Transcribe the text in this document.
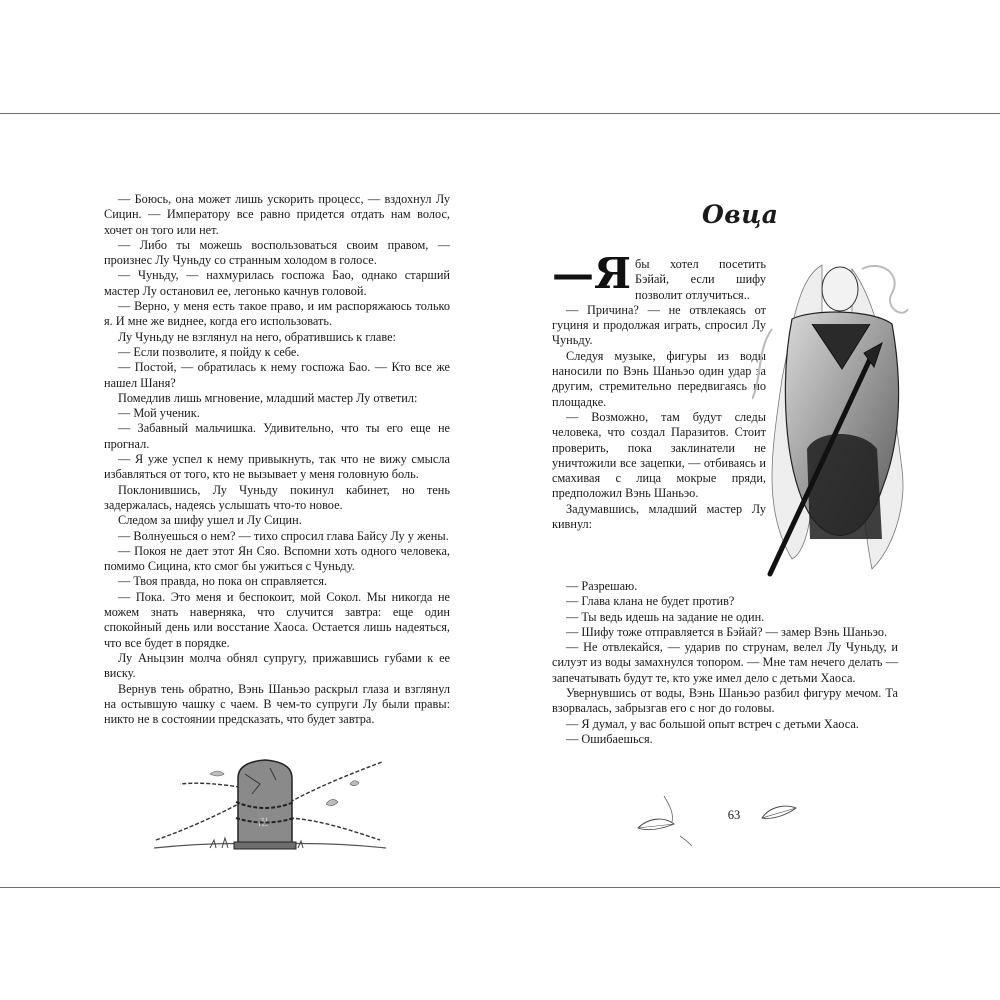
— Боюсь, она может лишь ускорить процесс, — вздохнул Лу Сицин. — Императору все равно придется отдать нам волос, хочет он того или нет.

— Либо ты можешь воспользоваться своим правом, — произнес Лу Чуньду со странным холодом в голосе.

— Чуньду, — нахмурилась госпожа Бао, однако старший мастер Лу остановил ее, легонько качнув головой.

— Верно, у меня есть такое право, и им распоряжаюсь только я. И мне же виднее, когда его использовать.

Лу Чуньду не взглянул на него, обратившись к главе:

— Если позволите, я пойду к себе.

— Постой, — обратилась к нему госпожа Бао. — Кто все же нашел Шаня?

Помедлив лишь мгновение, младший мастер Лу ответил:

— Мой ученик.

— Забавный мальчишка. Удивительно, что ты его еще не прогнал.

— Я уже успел к нему привыкнуть, так что не вижу смысла избавляться от того, кто не вызывает у меня головную боль.

Поклонившись, Лу Чуньду покинул кабинет, но тень задержалась, надеясь услышать что-то новое.

Следом за шифу ушел и Лу Сицин.

— Волнуешься о нем? — тихо спросил глава Байсу Лу у жены.

— Покоя не дает этот Ян Сяо. Вспомни хоть одного человека, помимо Сицина, кто смог бы ужиться с Чуньду.

— Твоя правда, но пока он справляется.

— Пока. Это меня и беспокоит, мой Сокол. Мы никогда не можем знать наверняка, что случится завтра: еще один спокойный день или восстание Хаоса. Остается лишь надеяться, что все будет в порядке.

Лу Аньцзин молча обнял супругу, прижавшись губами к ее виску.

Вернув тень обратно, Вэнь Шаньэо раскрыл глаза и взглянул на остывшую чашку с чаем. В чем-то супруги Лу были правы: никто не в состоянии предсказать, что будет завтра.

卍
Овца

—Я бы хотел посетить Бэйай, если шифу позволит отлучиться..

— Причина? — не отвлекаясь от гуциня и продолжая играть, спросил Лу Чуньду.

Следуя музыке, фигуры из воды наносили по Вэнь Шаньэо один удар за другим, стремительно передвигаясь по площадке.

— Возможно, там будут следы человека, что создал Паразитов. Стоит проверить, пока заклинатели не уничтожили все зацепки, — отбиваясь и смахивая с лица мокрые пряди, предположил Вэнь Шаньэо.

Задумавшись, младший мастер Лу кивнул:

— Разрешаю.

— Глава клана не будет против?

— Ты ведь идешь на задание не один.

— Шифу тоже отправляется в Бэйай? — замер Вэнь Шаньэо.

— Не отвлекайся, — ударив по струнам, велел Лу Чуньду, и силуэт из воды замахнулся топором. — Мне там нечего делать — запечатывать будут те, кто уже имел дело с детьми Хаоса.

Увернувшись от воды, Вэнь Шаньэо разбил фигуру мечом. Та взорвалась, забрызгав его с ног до головы.

— Я думал, у вас большой опыт встреч с детьми Хаоса.

— Ошибаешься.

63
